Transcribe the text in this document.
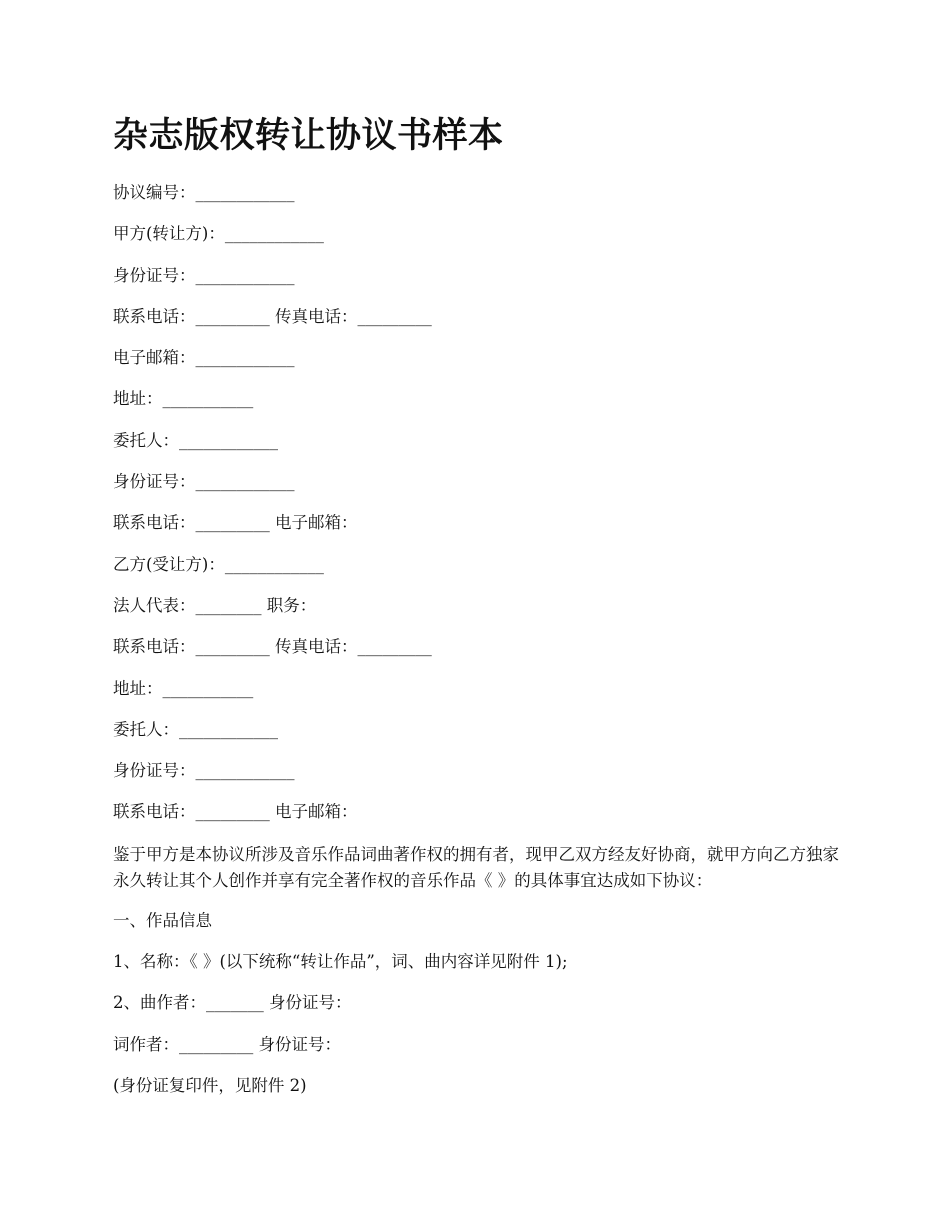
杂志版权转让协议书样本
协议编号：____________
甲方(转让方)：____________
身份证号：____________
联系电话：_________ 传真电话：_________
电子邮箱：____________
地址：___________
委托人：____________
身份证号：____________
联系电话：_________ 电子邮箱：
乙方(受让方)：____________
法人代表：________ 职务：
联系电话：_________ 传真电话：_________
地址：___________
委托人：____________
身份证号：____________
联系电话：_________ 电子邮箱：

鉴于甲方是本协议所涉及音乐作品词曲著作权的拥有者，现甲乙双方经友好协商，就甲方向乙方独家永久转让其个人创作并享有完全著作权的音乐作品《 》的具体事宜达成如下协议：

一、作品信息
1、名称：《 》(以下统称“转让作品”，词、曲内容详见附件 1);
2、曲作者：_______ 身份证号：
词作者：_________ 身份证号：
(身份证复印件，见附件 2)
